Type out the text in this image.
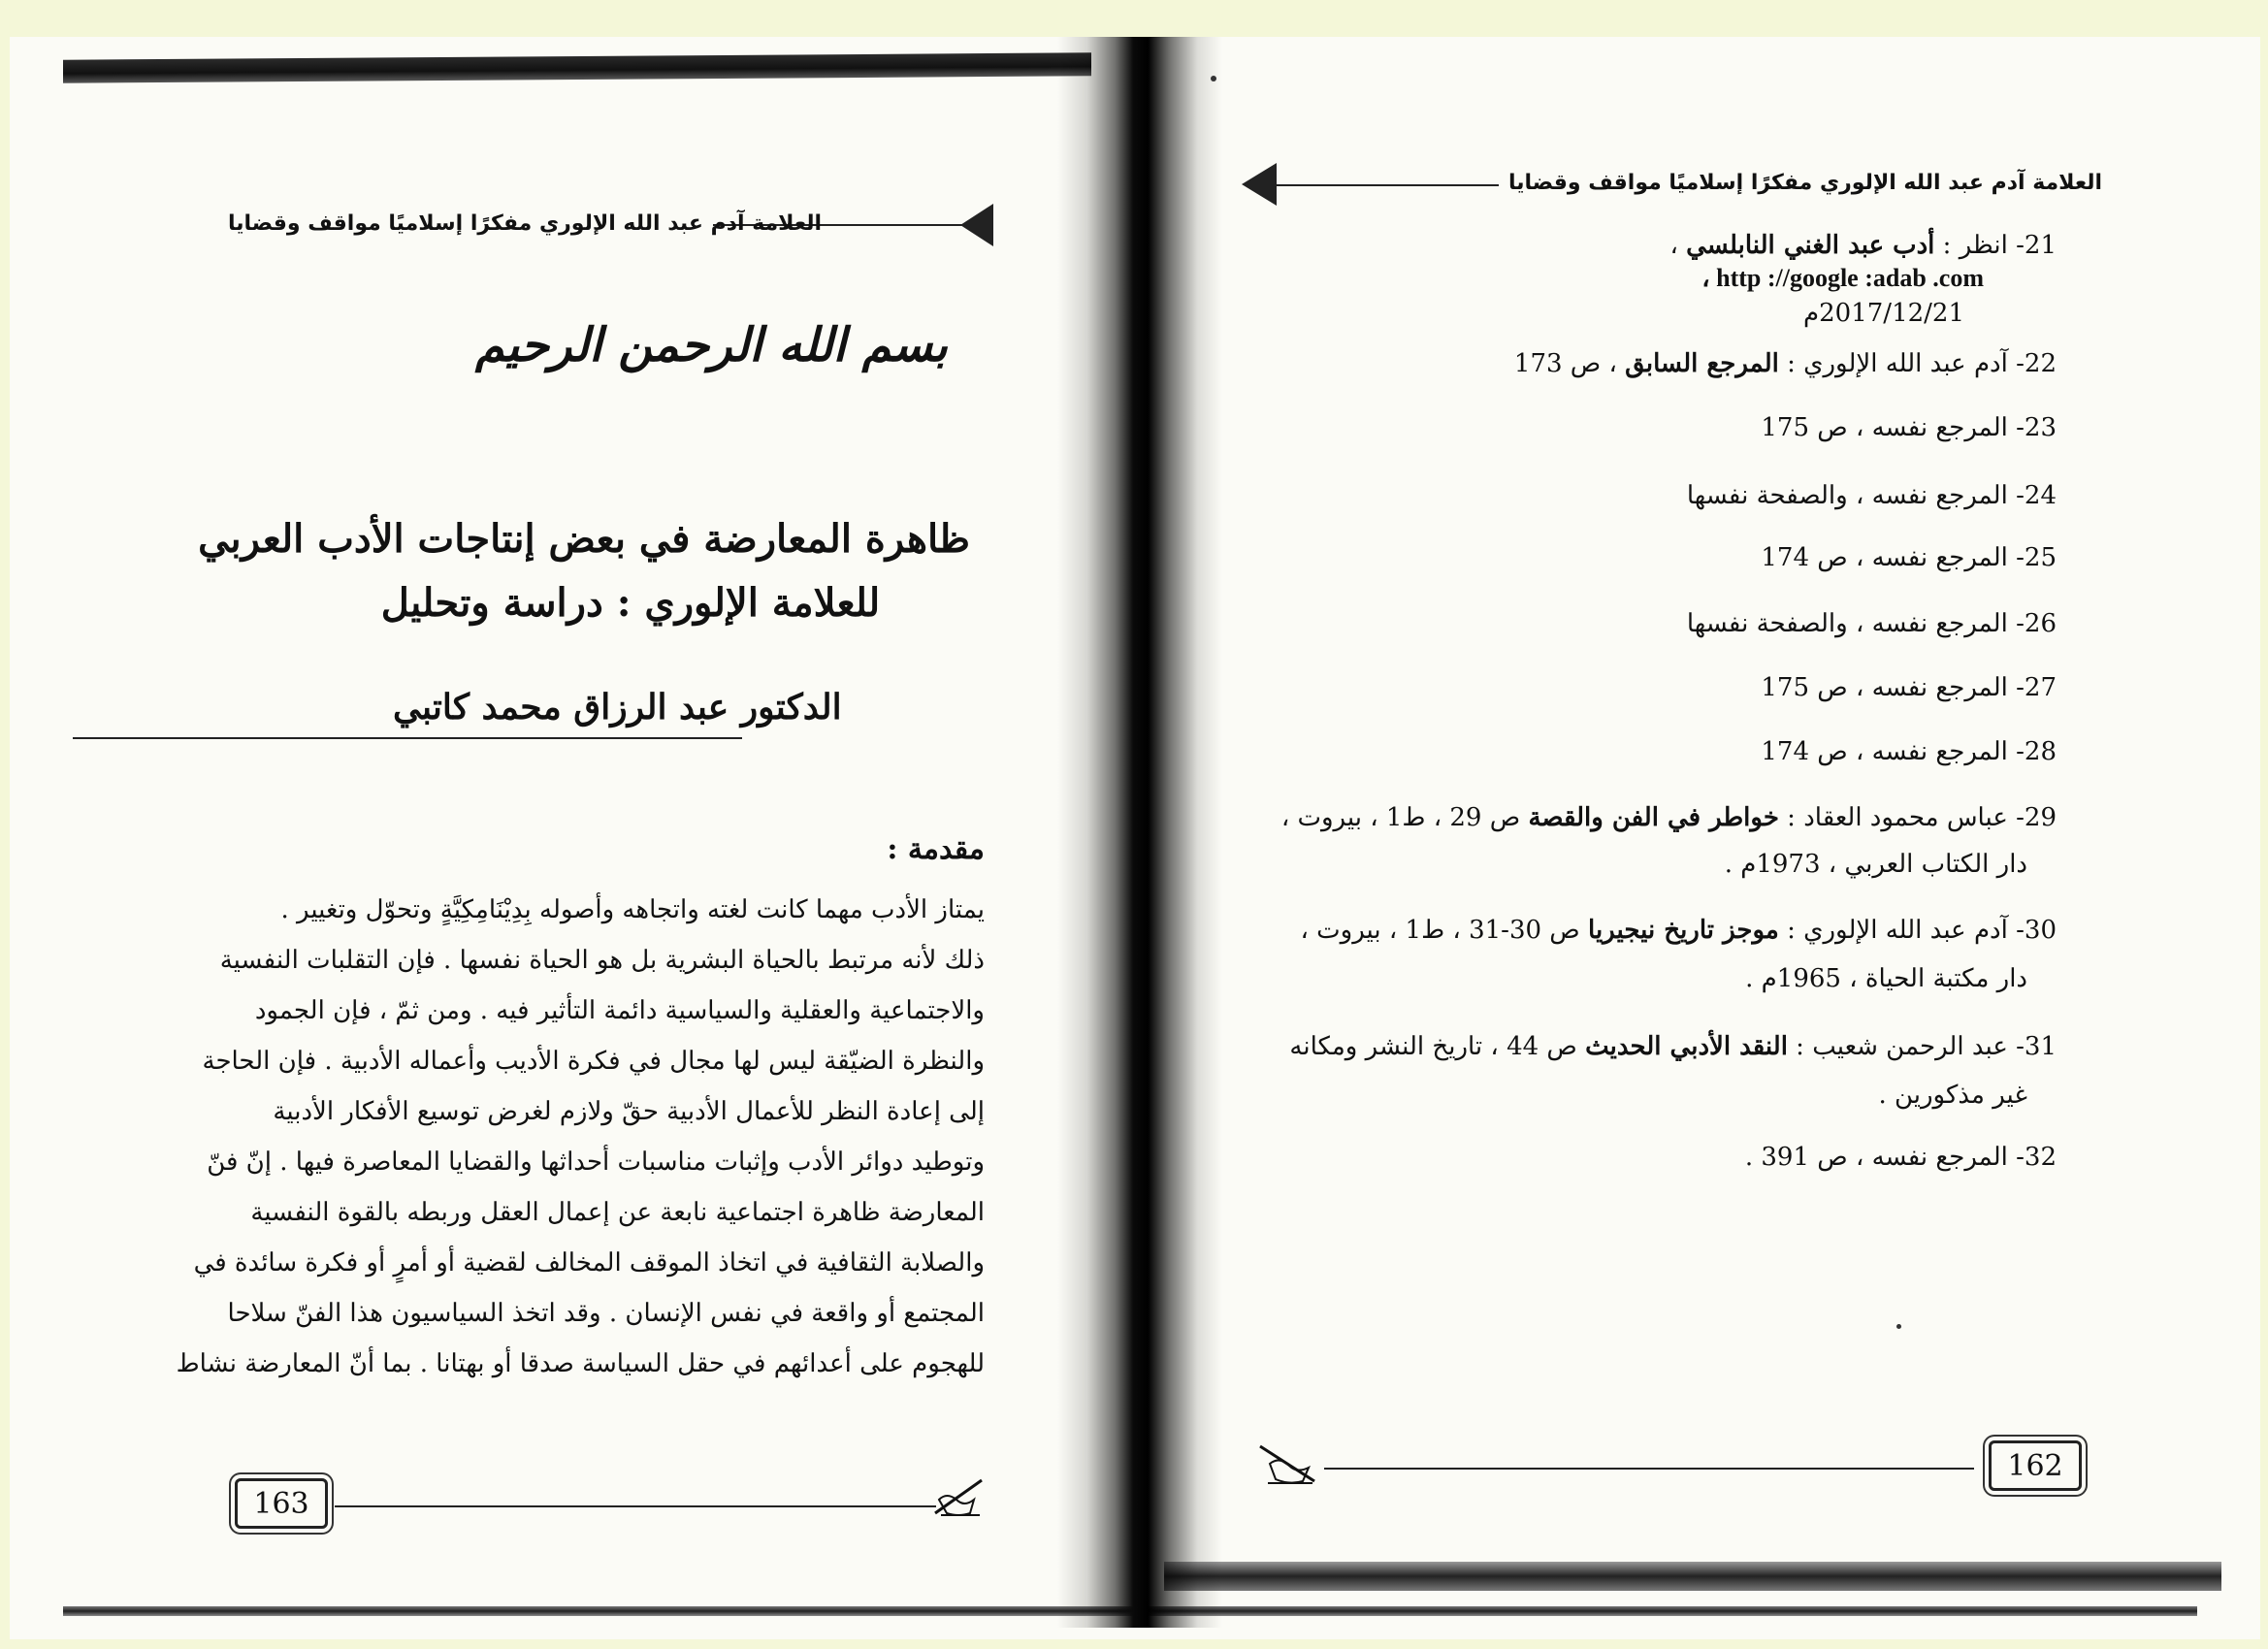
العلامة آدم عبد الله الإلوري مفكرًا إسلاميًا مواقف وقضايا
بسم الله الرحمن الرحيم
ظاهرة المعارضة في بعض إنتاجات الأدب العربي
للعلامة الإلوري : دراسة وتحليل
الدكتور عبد الرزاق محمد كاتبي
مقدمة :
يمتاز الأدب مهما كانت لغته واتجاهه وأصوله بِدِيْنَامِكِيَّةٍ وتحوّل وتغيير .
ذلك لأنه مرتبط بالحياة البشرية بل هو الحياة نفسها . فإن التقلبات النفسية
والاجتماعية والعقلية والسياسية دائمة التأثير فيه . ومن ثمّ ، فإن الجمود
والنظرة الضيّقة ليس لها مجال في فكرة الأديب وأعماله الأدبية . فإن الحاجة
إلى إعادة النظر للأعمال الأدبية حقّ ولازم لغرض توسيع الأفكار الأدبية
وتوطيد دوائر الأدب وإثبات مناسبات أحداثها والقضايا المعاصرة فيها . إنّ فنّ
المعارضة ظاهرة اجتماعية نابعة عن إعمال العقل وربطه بالقوة النفسية
والصلابة الثقافية في اتخاذ الموقف المخالف لقضية أو أمرٍ أو فكرة سائدة في
المجتمع أو واقعة في نفس الإنسان . وقد اتخذ السياسيون هذا الفنّ سلاحا
للهجوم على أعدائهم في حقل السياسة صدقا أو بهتانا . بما أنّ المعارضة نشاط
163
العلامة آدم عبد الله الإلوري مفكرًا إسلاميًا مواقف وقضايا
21- انظر : أدب عبد الغني النابلسي ،
، http ://google :adab .com
2017/12/21م
22- آدم عبد الله الإلوري : المرجع السابق ، ص 173
23- المرجع نفسه ، ص 175
24- المرجع نفسه ، والصفحة نفسها
25- المرجع نفسه ، ص 174
26- المرجع نفسه ، والصفحة نفسها
27- المرجع نفسه ، ص 175
28- المرجع نفسه ، ص 174
29- عباس محمود العقاد : خواطر في الفن والقصة ص 29 ، ط1 ، بيروت ،
دار الكتاب العربي ، 1973م .
30- آدم عبد الله الإلوري : موجز تاريخ نيجيريا ص 30-31 ، ط1 ، بيروت ،
دار مكتبة الحياة ، 1965م .
31- عبد الرحمن شعيب : النقد الأدبي الحديث ص 44 ، تاريخ النشر ومكانه
غير مذكورين .
32- المرجع نفسه ، ص 391 .
162
